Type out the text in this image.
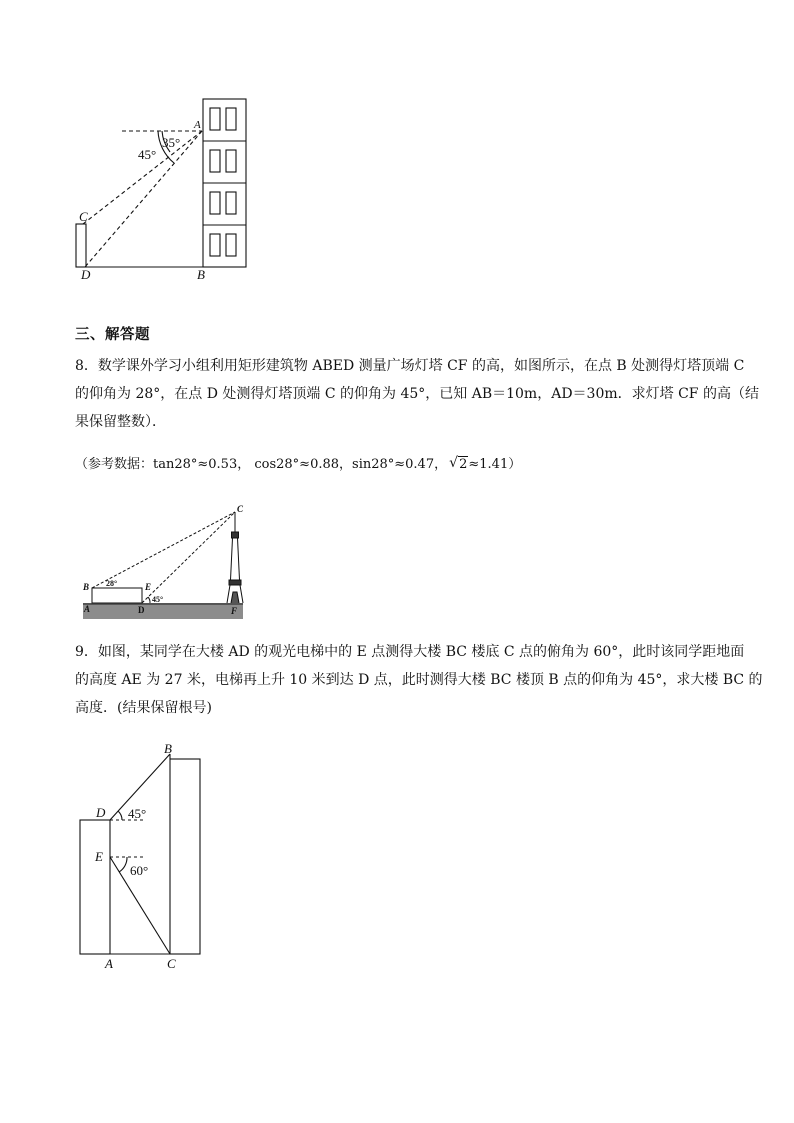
A
C
D	B
35°
45°
三、解答题

8．数学课外学习小组利用矩形建筑物 ABED 测量广场灯塔 CF 的高，如图所示，在点 B 处测得灯塔顶端 C

的仰角为 28°，在点 D 处测得灯塔顶端 C 的仰角为 45°，已知 AB＝10m，AD＝30m．求灯塔 CF 的高（结

果保留整数）．

（参考数据：tan28°≈0.53， cos28°≈0.88，sin28°≈0.47， √ 2≈1.41）
B	E
A	D	F
C
28°
45°

9．如图，某同学在大楼 AD 的观光电梯中的 E 点测得大楼 BC 楼底 C 点的俯角为 60°，此时该同学距地面

的高度 AE 为 27 米，电梯再上升 10 米到达 D 点，此时测得大楼 BC 楼顶 B 点的仰角为 45°，求大楼 BC 的

高度．(结果保留根号)

B
D
E
A	C
45°
60°
